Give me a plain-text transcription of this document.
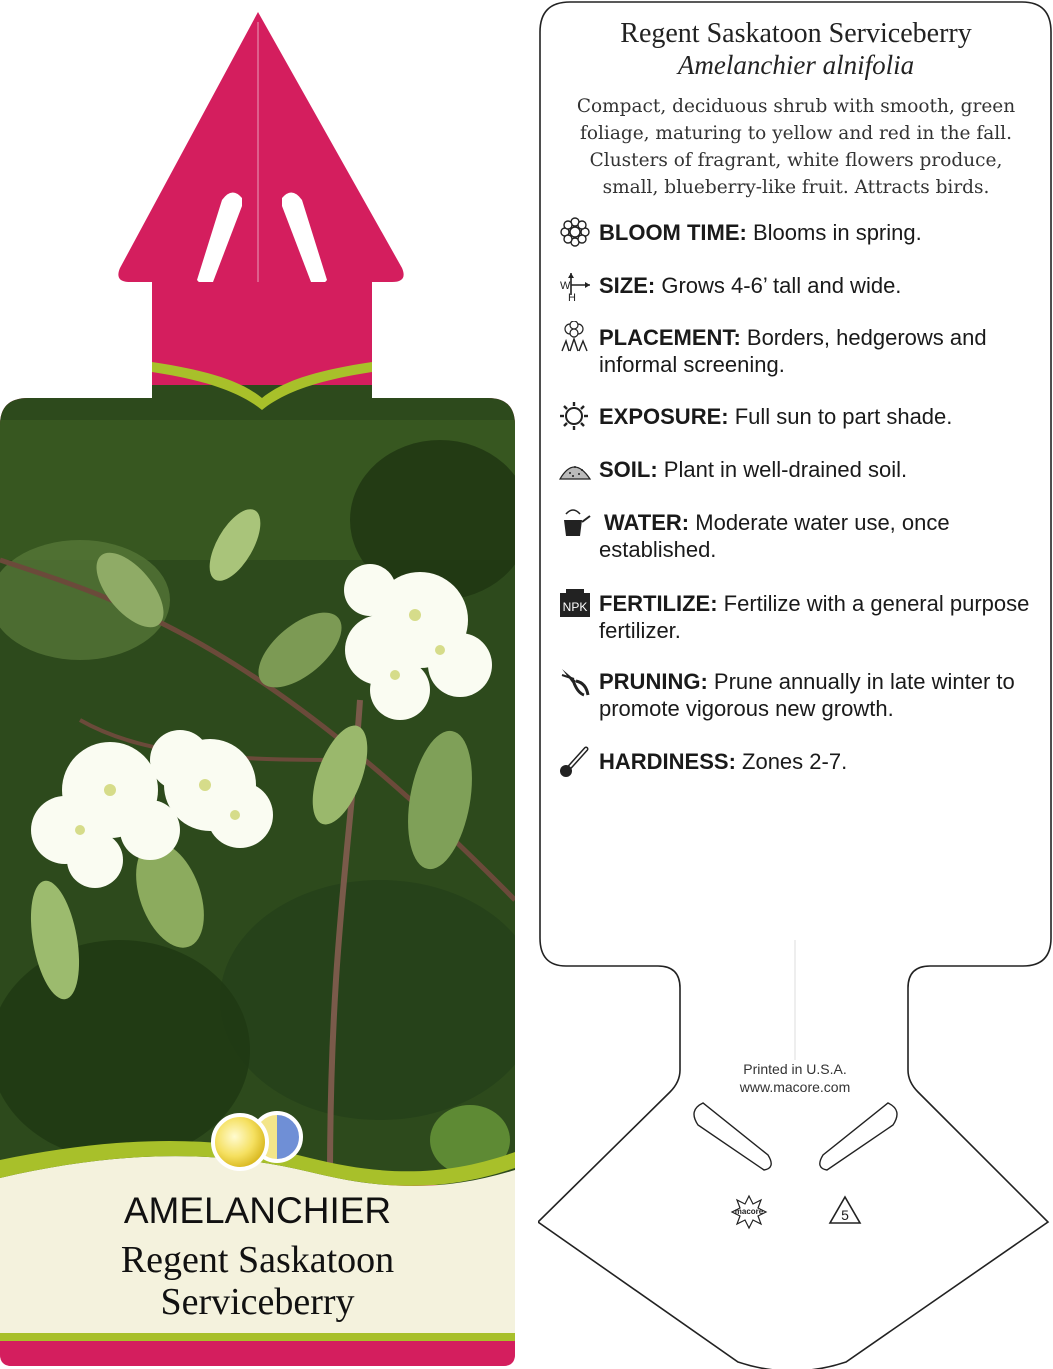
AMELANCHIER
Regent Saskatoon
Serviceberry
macore	5
Regent Saskatoon Serviceberry
Amelanchier alnifolia
Compact, deciduous shrub with smooth, green
foliage, maturing to yellow and red in the fall.
Clusters of fragrant, white flowers produce,
small, blueberry-like fruit. Attracts birds.
BLOOM TIME: Blooms in spring.
W
H SIZE: Grows 4-6’ tall and wide.
PLACEMENT: Borders, hedgerows and
informal screening.
EXPOSURE: Full sun to part shade.
SOIL: Plant in well-drained soil.
WATER: Moderate water use, once
established.
NPK FERTILIZE: Fertilize with a general purpose
fertilizer.
PRUNING: Prune annually in late winter to
promote vigorous new growth.
HARDINESS: Zones 2-7.
Printed in U.S.A.
www.macore.com
